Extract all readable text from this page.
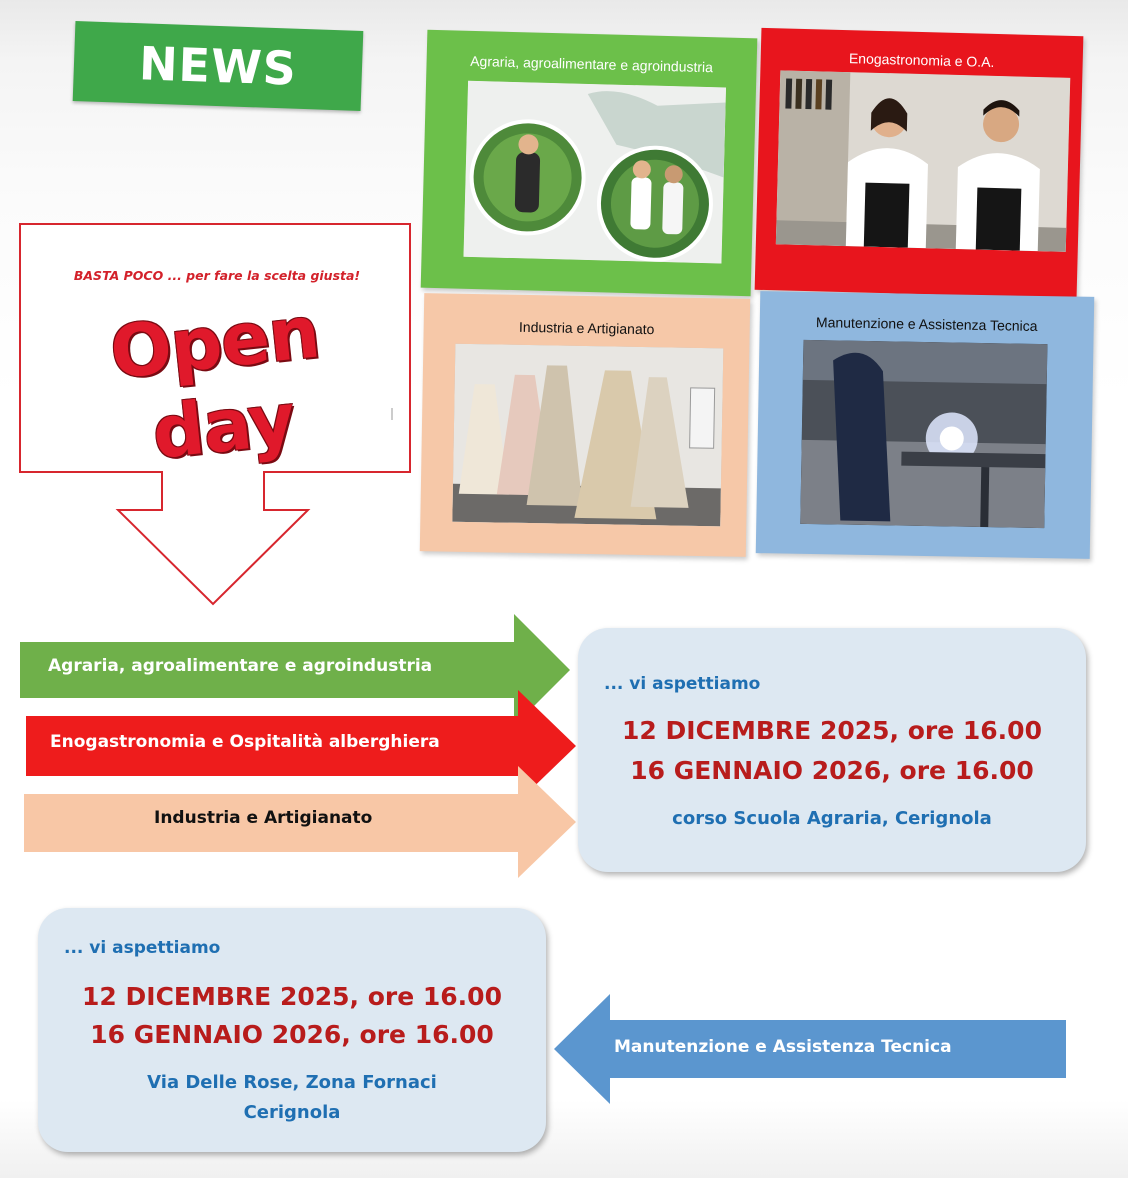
NEWS
BASTA POCO ... per fare la scelta giusta!
Open day
Agraria, agroalimentare e agroindustria	Enogastronomia e O.A.
Industria e Artigianato	Manutenzione e Assistenza Tecnica
Agraria, agroalimentare e agroindustria
Enogastronomia e Ospitalità alberghiera
Industria e Artigianato
... vi aspettiamo
12 DICEMBRE 2025, ore 16.00
16 GENNAIO 2026, ore 16.00
corso Scuola Agraria, Cerignola
... vi aspettiamo
12 DICEMBRE 2025, ore 16.00
16 GENNAIO 2026, ore 16.00
Via Delle Rose, Zona Fornaci
Cerignola
Manutenzione e Assistenza Tecnica
